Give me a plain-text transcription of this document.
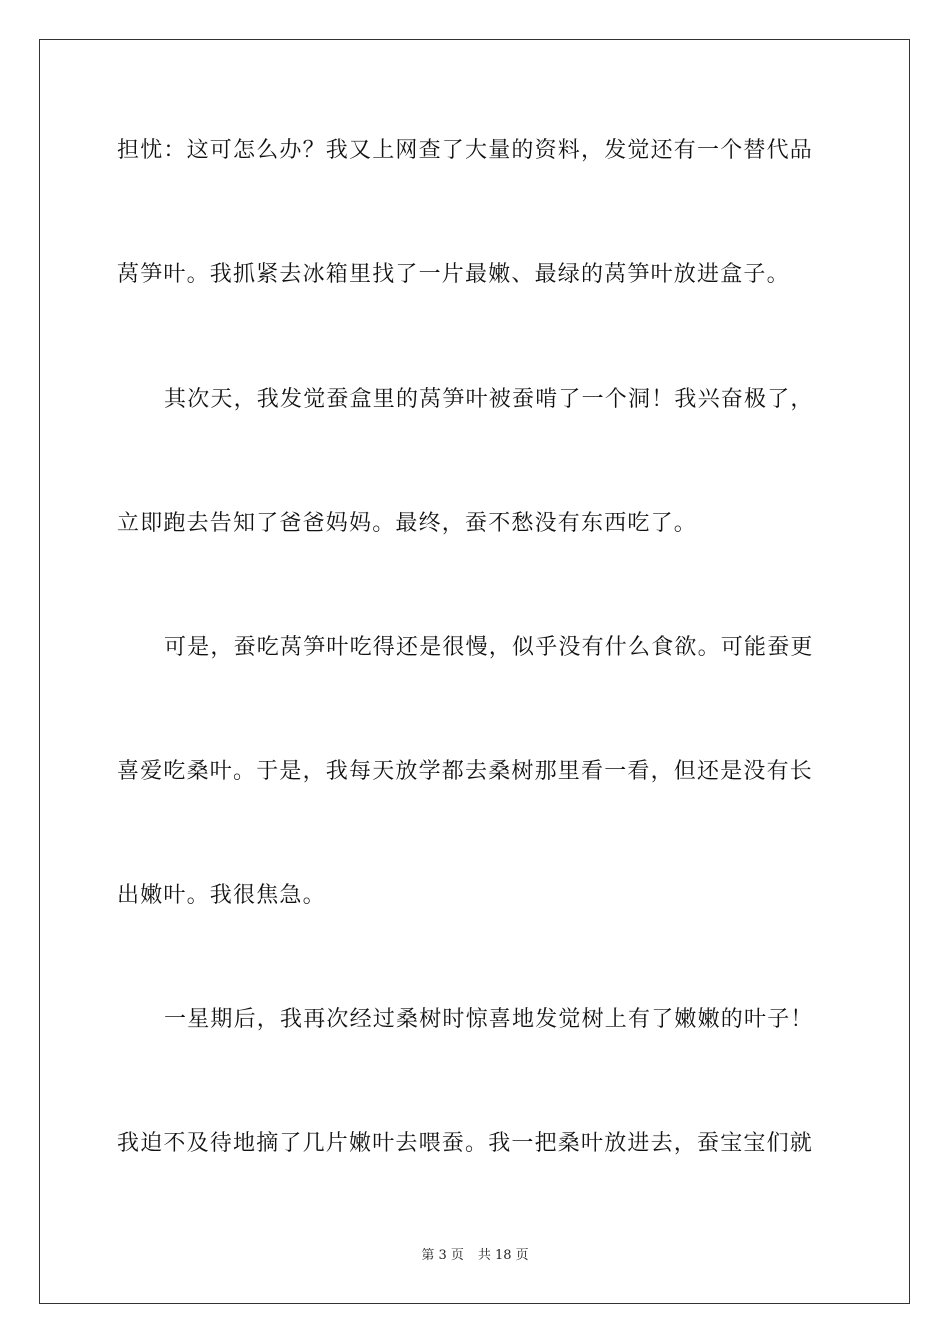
担忧：这可怎么办？我又上网查了大量的资料，发觉还有一个替代品
莴笋叶。我抓紧去冰箱里找了一片最嫩、最绿的莴笋叶放进盒子。
其次天，我发觉蚕盒里的莴笋叶被蚕啃了一个洞！我兴奋极了，
立即跑去告知了爸爸妈妈。最终，蚕不愁没有东西吃了。
可是，蚕吃莴笋叶吃得还是很慢，似乎没有什么食欲。可能蚕更
喜爱吃桑叶。于是，我每天放学都去桑树那里看一看，但还是没有长
出嫩叶。我很焦急。
一星期后，我再次经过桑树时惊喜地发觉树上有了嫩嫩的叶子！
我迫不及待地摘了几片嫩叶去喂蚕。我一把桑叶放进去，蚕宝宝们就
第 3 页 共 18 页
